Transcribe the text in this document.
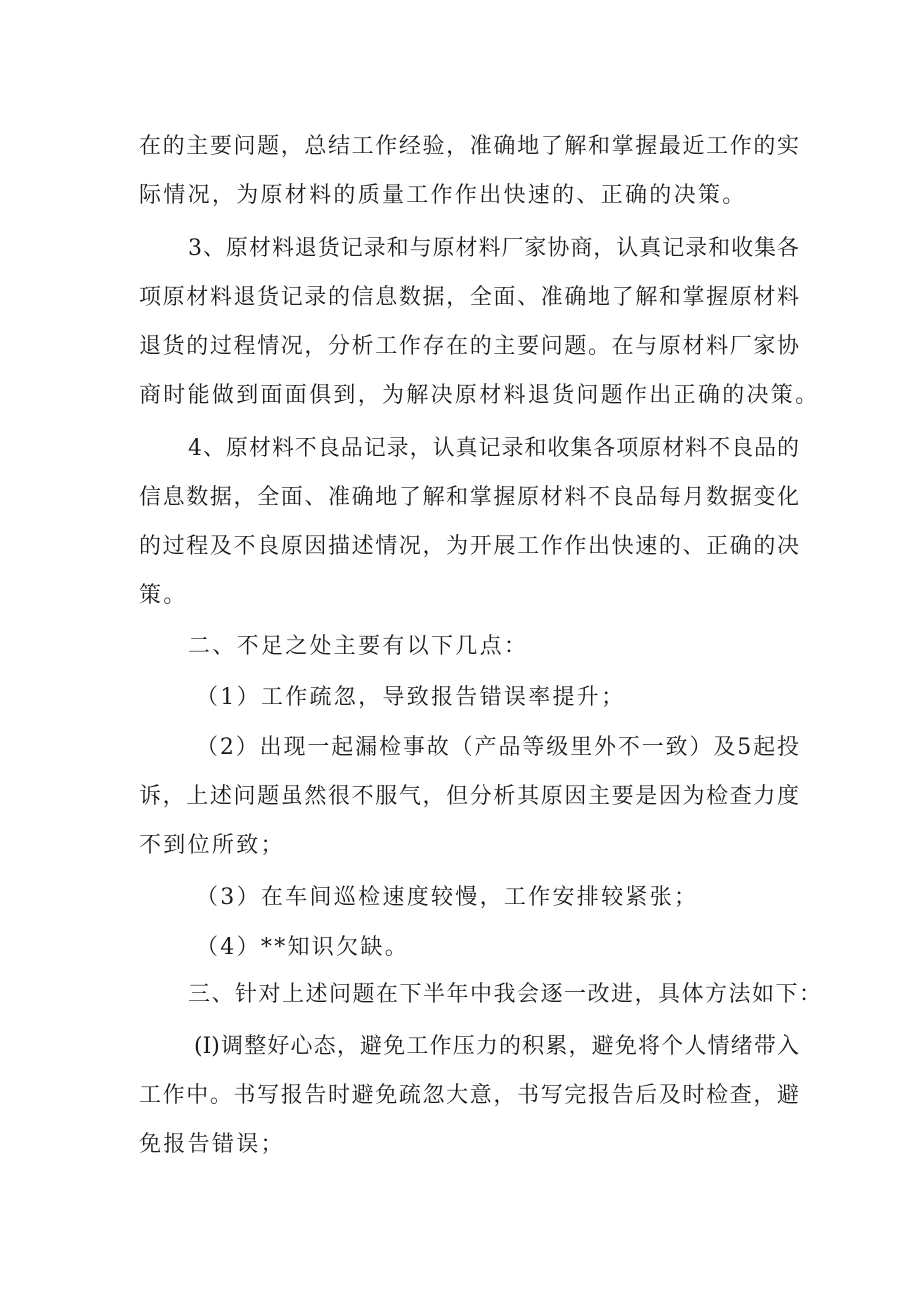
在的主要问题，总结工作经验，准确地了解和掌握最近工作的实
际情况，为原材料的质量工作作出快速的、正确的决策。
3、原材料退货记录和与原材料厂家协商，认真记录和收集各
项原材料退货记录的信息数据，全面、准确地了解和掌握原材料
退货的过程情况，分析工作存在的主要问题。在与原材料厂家协
商时能做到面面俱到，为解决原材料退货问题作出正确的决策。
4、原材料不良品记录，认真记录和收集各项原材料不良品的
信息数据，全面、准确地了解和掌握原材料不良品每月数据变化
的过程及不良原因描述情况，为开展工作作出快速的、正确的决
策。
二、不足之处主要有以下几点：
（1）工作疏忽，导致报告错误率提升；
（2）出现一起漏检事故（产品等级里外不一致）及5起投
诉，上述问题虽然很不服气，但分析其原因主要是因为检查力度
不到位所致；
（3）在车间巡检速度较慢，工作安排较紧张；
（4）**知识欠缺。
三、针对上述问题在下半年中我会逐一改进，具体方法如下：
(I)调整好心态，避免工作压力的积累，避免将个人情绪带入
工作中。书写报告时避免疏忽大意，书写完报告后及时检查，避
免报告错误；
